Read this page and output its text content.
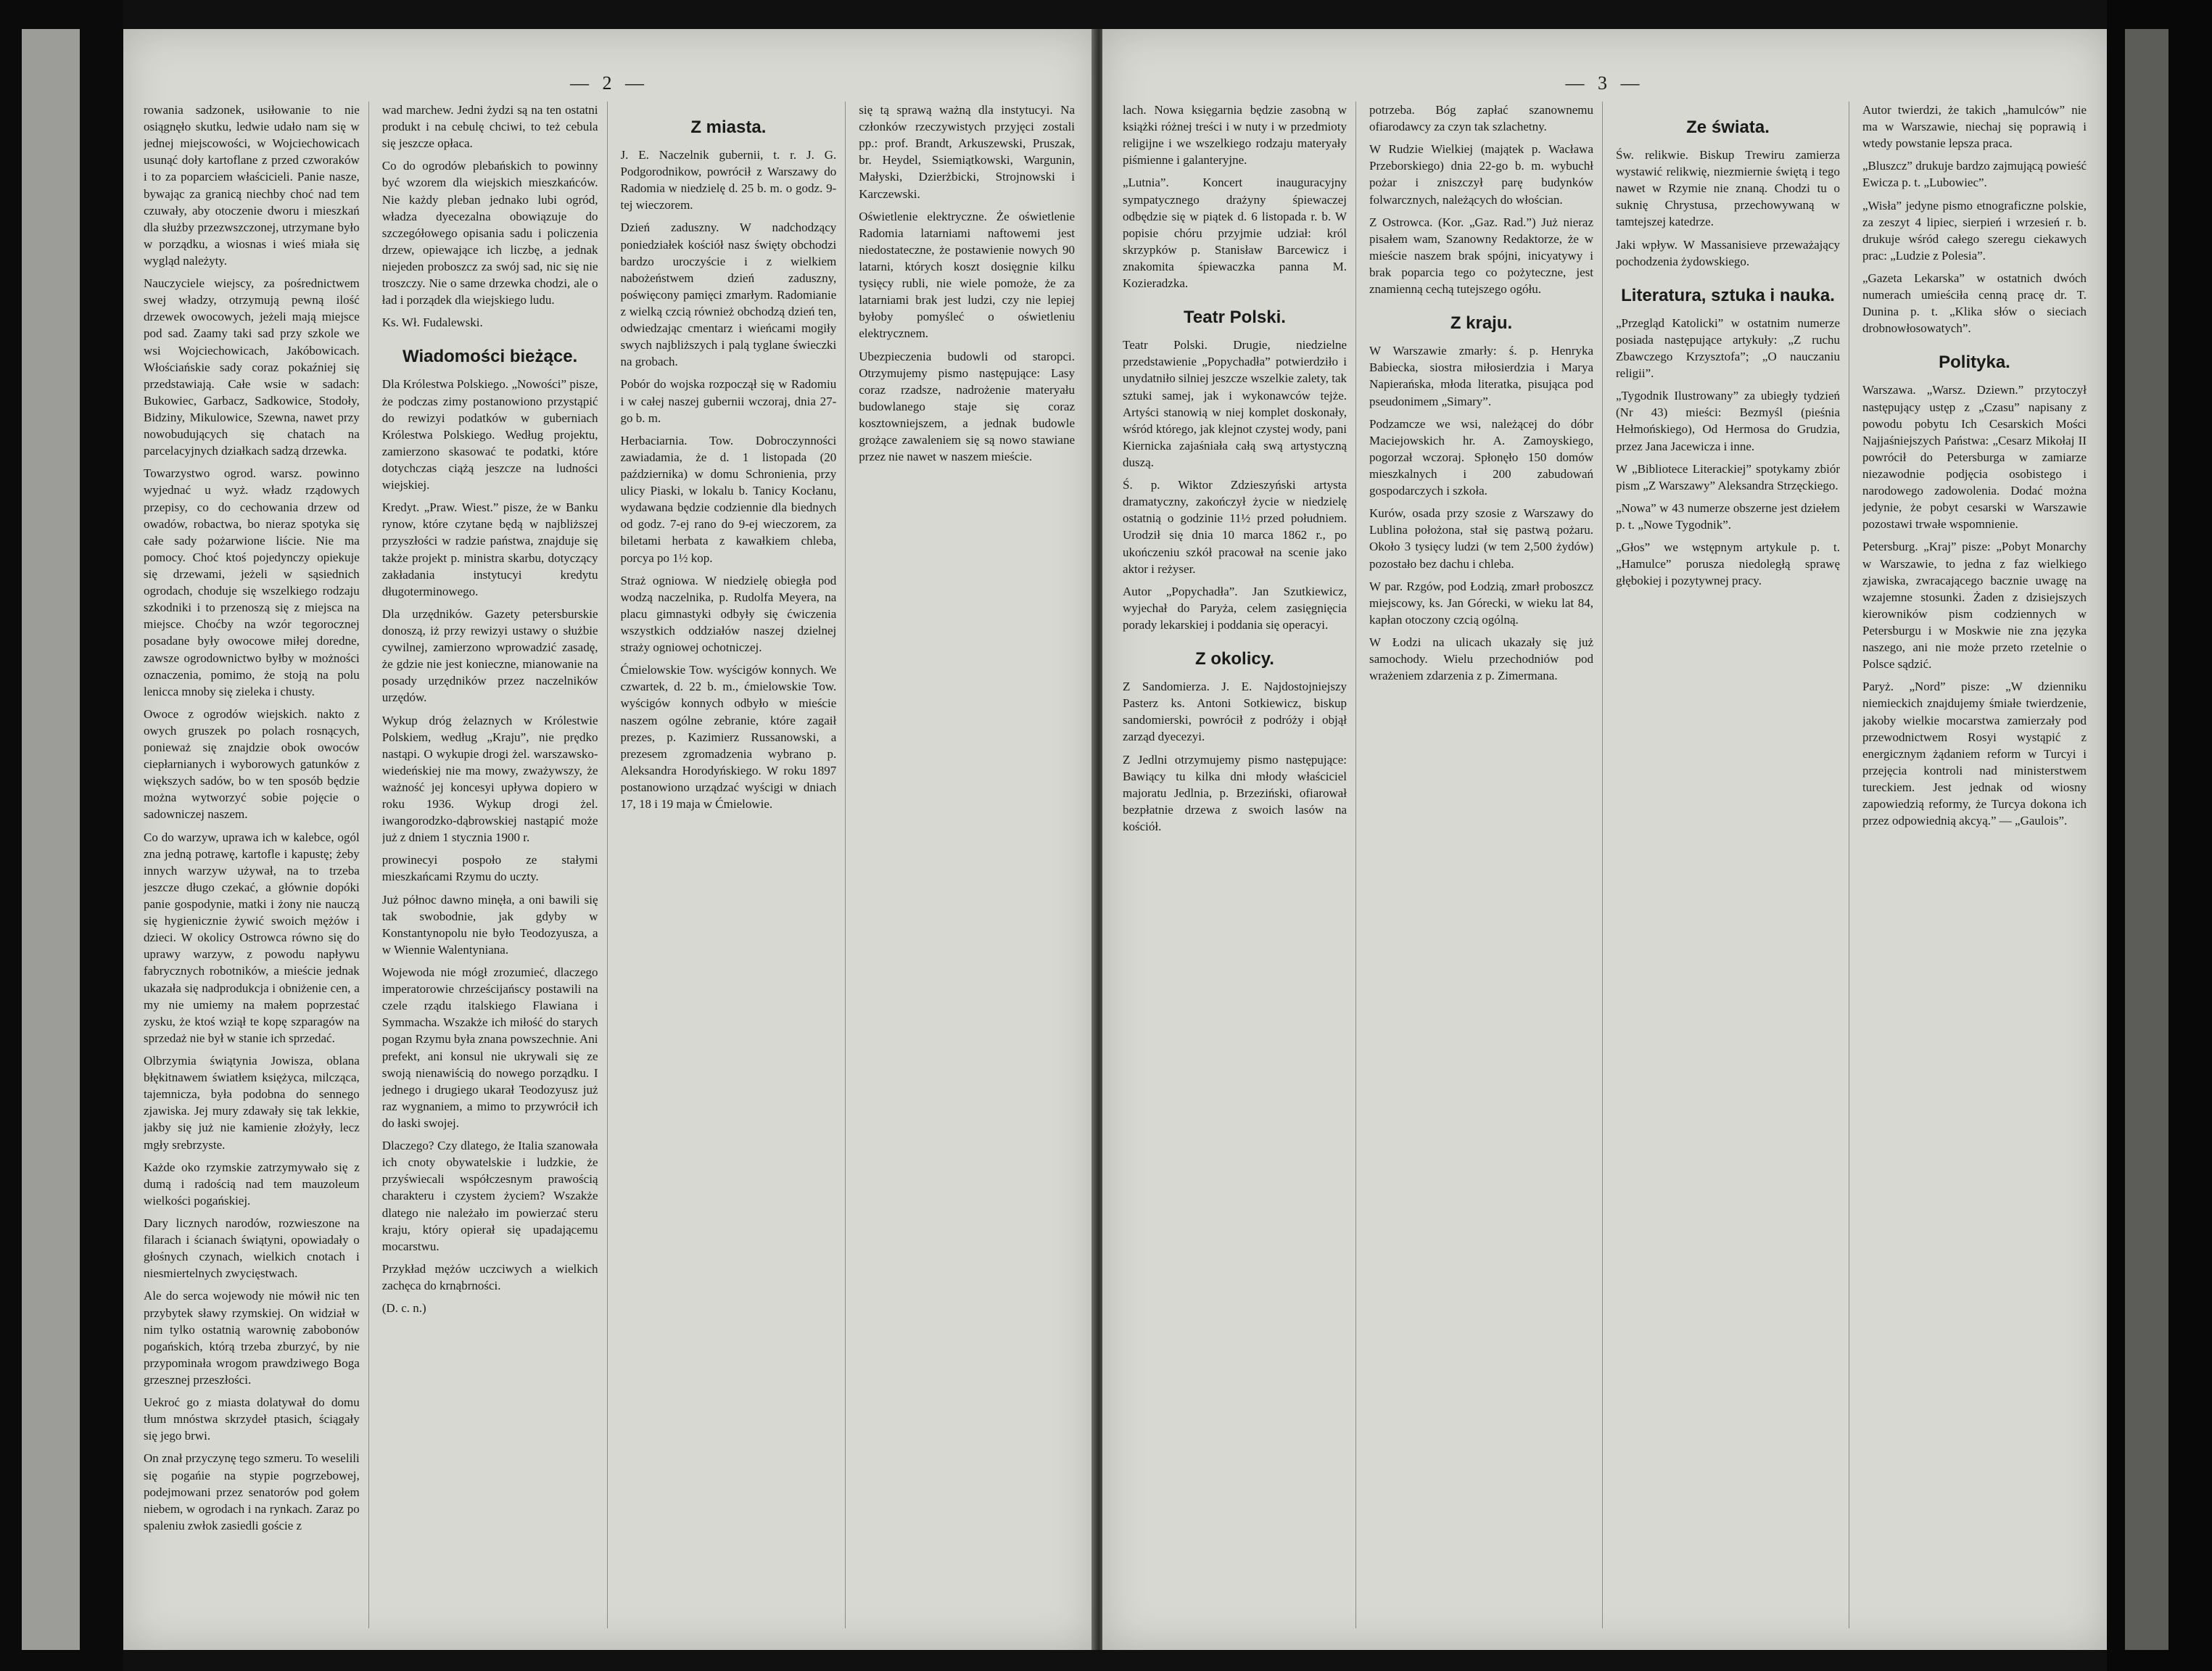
— 2 —

rowania sadzonek, usiłowanie to nie osiągnęło skutku, ledwie udało nam się w jednej miejscowości, w Wojciechowicach usunąć doły kartoflane z przed czworaków i to za poparciem właścicieli. Panie nasze, bywając za granicą niechby choć nad tem czuwały, aby otoczenie dworu i mieszkań dla służby przezwszczonej, utrzymane było w porządku, a wiosnas i wieś miała się wygląd należyty.

Nauczyciele wiejscy, za pośrednictwem swej władzy, otrzymują pewną ilość drzewek owocowych, jeżeli mają miejsce pod sad. Zaamy taki sad przy szkole we wsi Wojciechowicach, Jakóbowicach. Włościańskie sady coraz pokaźniej się przedstawiają. Całe wsie w sadach: Bukowiec, Garbacz, Sadkowice, Stodoły, Bidziny, Mikulowice, Szewna, nawet przy nowobudujących się chatach na parcelacyjnych działkach sadzą drzewka.

Towarzystwo ogrod. warsz. powinno wyjednać u wyż. władz rządowych przepisy, co do cechowania drzew od owadów, robactwa, bo nieraz spotyka się całe sady pożarwione liście. Nie ma pomocy. Choć ktoś pojedynczy opiekuje się drzewami, jeżeli w sąsiednich ogrodach, choduje się wszelkiego rodzaju szkodniki i to przenoszą się z miejsca na miejsce. Choćby na wzór tegorocznej posadane były owocowe miłej doredne, zawsze ogrodownictwo byłby w możności oznaczenia, pomimo, że stoją na polu lenicca mnoby się zieleka i chusty.

Owoce z ogrodów wiejskich. nakto z owych gruszek po polach rosnących, ponieważ się znajdzie obok owoców ciepłarnianych i wyborowych gatunków z większych sadów, bo w ten sposób będzie można wytworzyć sobie pojęcie o sadowniczej naszem.

Co do warzyw, uprawa ich w kalebce, ogól zna jedną potrawę, kartofle i kapustę; żeby innych warzyw używał, na to trzeba jeszcze długo czekać, a głównie dopóki panie gospodynie, matki i żony nie nauczą się hygienicznie żywić swoich mężów i dzieci. W okolicy Ostrowca równo się do uprawy warzyw, z powodu napływu fabrycznych robotników, a mieście jednak ukazała się nadprodukcja i obniżenie cen, a my nie umiemy na małem poprzestać zysku, że ktoś wziął te kopę szparagów na sprzedaż nie był w stanie ich sprzedać.

Olbrzymia świątynia Jowisza, oblana błękitnawem światłem księżyca, milcząca, tajemnicza, była podobna do sennego zjawiska. Jej mury zdawały się tak lekkie, jakby się już nie kamienie złożyły, lecz mgły srebrzyste.

Każde oko rzymskie zatrzymywało się z dumą i radością nad tem mauzoleum wielkości pogańskiej.

Dary licznych narodów, rozwieszone na filarach i ścianach świątyni, opowiadały o głośnych czynach, wielkich cnotach i niesmiertelnych zwycięstwach.

Ale do serca wojewody nie mówił nic ten przybytek sławy rzymskiej. On widział w nim tylko ostatnią warownię zabobonów pogańskich, którą trzeba zburzyć, by nie przypominała wrogom prawdziwego Boga grzesznej przeszłości.

Uekroć go z miasta dolatywał do domu tłum mnóstwa skrzydeł ptasich, ściągały się jego brwi.

On znał przyczynę tego szmeru. To weselili się pogańie na stypie pogrzebowej, podejmowani przez senatorów pod gołem niebem, w ogrodach i na rynkach. Zaraz po spaleniu zwłok zasiedli goście z

wad marchew. Jedni żydzi są na ten ostatni produkt i na cebulę chciwi, to też cebula się jeszcze opłaca.

Co do ogrodów plebańskich to powinny być wzorem dla wiejskich mieszkańców. Nie każdy pleban jednako lubi ogród, władza dyecezalna obowiązuje do szczegółowego opisania sadu i policzenia drzew, opiewające ich liczbę, a jednak niejeden proboszcz za swój sad, nic się nie troszczy. Nie o same drzewka chodzi, ale o ład i porządek dla wiejskiego ludu.

Ks. Wł. Fudalewski.

Wiadomości bieżące.

Dla Królestwa Polskiego. „Nowości” pisze, że podczas zimy postanowiono przystąpić do rewizyi podatków w guberniach Królestwa Polskiego. Według projektu, zamierzono skasować te podatki, które dotychczas ciążą jeszcze na ludności wiejskiej.

Kredyt. „Praw. Wiest.” pisze, że w Banku rynow, które czytane będą w najbliższej przyszłości w radzie państwa, znajduje się także projekt p. ministra skarbu, dotyczący zakładania instytucyi kredytu długoterminowego.

Dla urzędników. Gazety petersburskie donoszą, iż przy rewizyi ustawy o służbie cywilnej, zamierzono wprowadzić zasadę, że gdzie nie jest konieczne, mianowanie na posady urzędników przez naczelników urzędów.

Wykup dróg żelaznych w Królestwie Polskiem, według „Kraju”, nie prędko nastąpi. O wykupie drogi żel. warszawsko-wiedeńskiej nie ma mowy, zważywszy, że ważność jej koncesyi upływa dopiero w roku 1936. Wykup drogi żel. iwangorodzko-dąbrowskiej nastąpić może już z dniem 1 stycznia 1900 r.

prowinecyi pospoło ze stałymi mieszkańcami Rzymu do uczty.

Już północ dawno minęła, a oni bawili się tak swobodnie, jak gdyby w Konstantynopolu nie było Teodozyusza, a w Wiennie Walentyniana.

Wojewoda nie mógł zrozumieć, dlaczego imperatorowie chrześcijańscy postawili na czele rządu italskiego Flawiana i Symmacha. Wszakże ich miłość do starych pogan Rzymu była znana powszechnie. Ani prefekt, ani konsul nie ukrywali się ze swoją nienawiścią do nowego porządku. I jednego i drugiego ukarał Teodozyusz już raz wygnaniem, a mimo to przywrócił ich do łaski swojej.

Dlaczego? Czy dlatego, że Italia szanowała ich cnoty obywatelskie i ludzkie, że przyświecali współczesnym prawością charakteru i czystem życiem? Wszakże dlatego nie należało im powierzać steru kraju, który opierał się upadającemu mocarstwu.

Przykład mężów uczciwych a wielkich zachęca do krnąbrności.

(D. c. n.)

Z miasta.

J. E. Naczelnik gubernii, t. r. J. G. Podgorodnikow, powrócił z Warszawy do Radomia w niedzielę d. 25 b. m. o godz. 9-tej wieczorem.

Dzień zaduszny. W nadchodzący poniedziałek kościół nasz święty obchodzi bardzo uroczyście i z wielkiem nabożeństwem dzień zaduszny, poświęcony pamięci zmarłym. Radomianie z wielką czcią również obchodzą dzień ten, odwiedzając cmentarz i wieńcami mogiły swych najbliższych i palą tyglane świeczki na grobach.

Pobór do wojska rozpoczął się w Radomiu i w całej naszej gubernii wczoraj, dnia 27-go b. m.

Herbaciarnia. Tow. Dobroczynności zawiadamia, że d. 1 listopada (20 października) w domu Schronienia, przy ulicy Piaski, w lokalu b. Tanicy Kocłanu, wydawana będzie codziennie dla biednych od godz. 7-ej rano do 9-ej wieczorem, za biletami herbata z kawałkiem chleba, porcya po 1½ kop.

Straż ogniowa. W niedzielę obiegła pod wodzą naczelnika, p. Rudolfa Meyera, na placu gimnastyki odbyły się ćwiczenia wszystkich oddziałów naszej dzielnej straży ogniowej ochotniczej.

Ćmielowskie Tow. wyścigów konnych. We czwartek, d. 22 b. m., ćmielowskie Tow. wyścigów konnych odbyło w mieście naszem ogólne zebranie, które zagaił prezes, p. Kazimierz Russanowski, a prezesem zgromadzenia wybrano p. Aleksandra Horodyńskiego. W roku 1897 postanowiono urządzać wyścigi w dniach 17, 18 i 19 maja w Ćmielowie.

się tą sprawą ważną dla instytucyi. Na członków rzeczywistych przyjęci zostali pp.: prof. Brandt, Arkuszewski, Pruszak, br. Heydel, Ssiemiątkowski, Wargunin, Małyski, Dzierżbicki, Strojnowski i Karczewski.

Oświetlenie elektryczne. Że oświetlenie Radomia latarniami naftowemi jest niedostateczne, że postawienie nowych 90 latarni, których koszt dosięgnie kilku tysięcy rubli, nie wiele pomoże, że za latarniami brak jest ludzi, czy nie lepiej byłoby pomyśleć o oświetleniu elektrycznem.

Ubezpieczenia budowli od staropci. Otrzymujemy pismo następujące: Lasy coraz rzadsze, nadrożenie materyału budowlanego staje się coraz kosztowniejszem, a jednak budowle grożące zawaleniem się są nowo stawiane przez nie nawet w naszem mieście.

— 3 —

lach. Nowa księgarnia będzie zasobną w książki różnej treści i w nuty i w przedmioty religijne i we wszelkiego rodzaju materyały piśmienne i galanteryjne.

„Lutnia”. Koncert inauguracyjny sympatycznego drażyny śpiewaczej odbędzie się w piątek d. 6 listopada r. b. W popisie chóru przyjmie udział: król skrzypków p. Stanisław Barcewicz i znakomita śpiewaczka panna M. Kozieradzka.

Teatr Polski.

Teatr Polski. Drugie, niedzielne przedstawienie „Popychadła” potwierdziło i unydatniło silniej jeszcze wszelkie zalety, tak sztuki samej, jak i wykonawców tejże. Artyści stanowią w niej komplet doskonały, wśród którego, jak klejnot czystej wody, pani Kiernicka zajaśniała całą swą artystyczną duszą.

Ś. p. Wiktor Zdzieszyński artysta dramatyczny, zakończył życie w niedzielę ostatnią o godzinie 11½ przed południem. Urodził się dnia 10 marca 1862 r., po ukończeniu szkół pracował na scenie jako aktor i reżyser.

Autor „Popychadła”. Jan Szutkiewicz, wyjechał do Paryża, celem zasięgnięcia porady lekarskiej i poddania się operacyi.

Z okolicy.

Z Sandomierza. J. E. Najdostojniejszy Pasterz ks. Antoni Sotkiewicz, biskup sandomierski, powrócił z podróży i objął zarząd dyecezyi.

Z Jedlni otrzymujemy pismo następujące: Bawiący tu kilka dni młody właściciel majoratu Jedlnia, p. Brzeziński, ofiarował bezpłatnie drzewa z swoich lasów na kościół.

potrzeba. Bóg zapłać szanownemu ofiarodawcy za czyn tak szlachetny.

W Rudzie Wielkiej (majątek p. Wacława Przeborskiego) dnia 22-go b. m. wybuchł pożar i zniszczył parę budynków folwarcznych, należących do włościan.

Z Ostrowca. (Kor. „Gaz. Rad.”) Już nieraz pisałem wam, Szanowny Redaktorze, że w mieście naszem brak spójni, inicyatywy i brak poparcia tego co pożyteczne, jest znamienną cechą tutejszego ogółu.

Z kraju.

W Warszawie zmarły: ś. p. Henryka Babiecka, siostra miłosierdzia i Marya Napierańska, młoda literatka, pisująca pod pseudonimem „Simary”.

Podzamcze we wsi, należącej do dóbr Maciejowskich hr. A. Zamoyskiego, pogorzał wczoraj. Spłonęło 150 domów mieszkalnych i 200 zabudowań gospodarczych i szkoła.

Kurów, osada przy szosie z Warszawy do Lublina położona, stał się pastwą pożaru. Około 3 tysięcy ludzi (w tem 2,500 żydów) pozostało bez dachu i chleba.

W par. Rzgów, pod Łodzią, zmarł proboszcz miejscowy, ks. Jan Górecki, w wieku lat 84, kapłan otoczony czcią ogólną.

W Łodzi na ulicach ukazały się już samochody. Wielu przechodniów pod wrażeniem zdarzenia z p. Zimermana.

Ze świata.

Św. relikwie. Biskup Trewiru zamierza wystawić relikwię, niezmiernie świętą i tego nawet w Rzymie nie znaną. Chodzi tu o suknię Chrystusa, przechowywaną w tamtejszej katedrze.

Jaki wpływ. W Massanisieve przeważający pochodzenia żydowskiego.

Literatura, sztuka i nauka.

„Przegląd Katolicki” w ostatnim numerze posiada następujące artykuły: „Z ruchu Zbawczego Krzysztofa”; „O nauczaniu religii”.

„Tygodnik Ilustrowany” za ubiegły tydzień (Nr 43) mieści: Bezmyśl (pieśnia Hełmońskiego), Od Hermosa do Grudzia, przez Jana Jacewicza i inne.

W „Bibliotece Literackiej” spotykamy zbiór pism „Z Warszawy” Aleksandra Strzęckiego.

„Nowa” w 43 numerze obszerne jest dziełem p. t. „Nowe Tygodnik”.

„Głos” we wstępnym artykule p. t. „Hamulce” porusza niedoległą sprawę głębokiej i pozytywnej pracy.

Autor twierdzi, że takich „hamulców” nie ma w Warszawie, niechaj się poprawią i wtedy powstanie lepsza praca.

„Bluszcz” drukuje bardzo zajmującą powieść Ewicza p. t. „Lubowiec”.

„Wisła” jedyne pismo etnograficzne polskie, za zeszyt 4 lipiec, sierpień i wrzesień r. b. drukuje wśród całego szeregu ciekawych prac: „Ludzie z Polesia”.

„Gazeta Lekarska” w ostatnich dwóch numerach umieściła cenną pracę dr. T. Dunina p. t. „Klika słów o sieciach drobnowłosowatych”.

Polityka.

Warszawa. „Warsz. Dziewn.” przytoczył następujący ustęp z „Czasu” napisany z powodu pobytu Ich Cesarskich Mości Najjaśniejszych Państwa: „Cesarz Mikołaj II powrócił do Petersburga w zamiarze niezawodnie podjęcia osobistego i narodowego zadowolenia. Dodać można jedynie, że pobyt cesarski w Warszawie pozostawi trwałe wspomnienie.

Petersburg. „Kraj” pisze: „Pobyt Monarchy w Warszawie, to jedna z faz wielkiego zjawiska, zwracającego bacznie uwagę na wzajemne stosunki. Żaden z dzisiejszych kierowników pism codziennych w Petersburgu i w Moskwie nie zna języka naszego, ani nie może przeto rzetelnie o Polsce sądzić.

Paryż. „Nord” pisze: „W dzienniku niemieckich znajdujemy śmiałe twierdzenie, jakoby wielkie mocarstwa zamierzały pod przewodnictwem Rosyi wystąpić z energicznym żądaniem reform w Turcyi i przejęcia kontroli nad ministerstwem tureckiem. Jest jednak od wiosny zapowiedzią reformy, że Turcya dokona ich przez odpowiednią akcyą.” — „Gaulois”.
